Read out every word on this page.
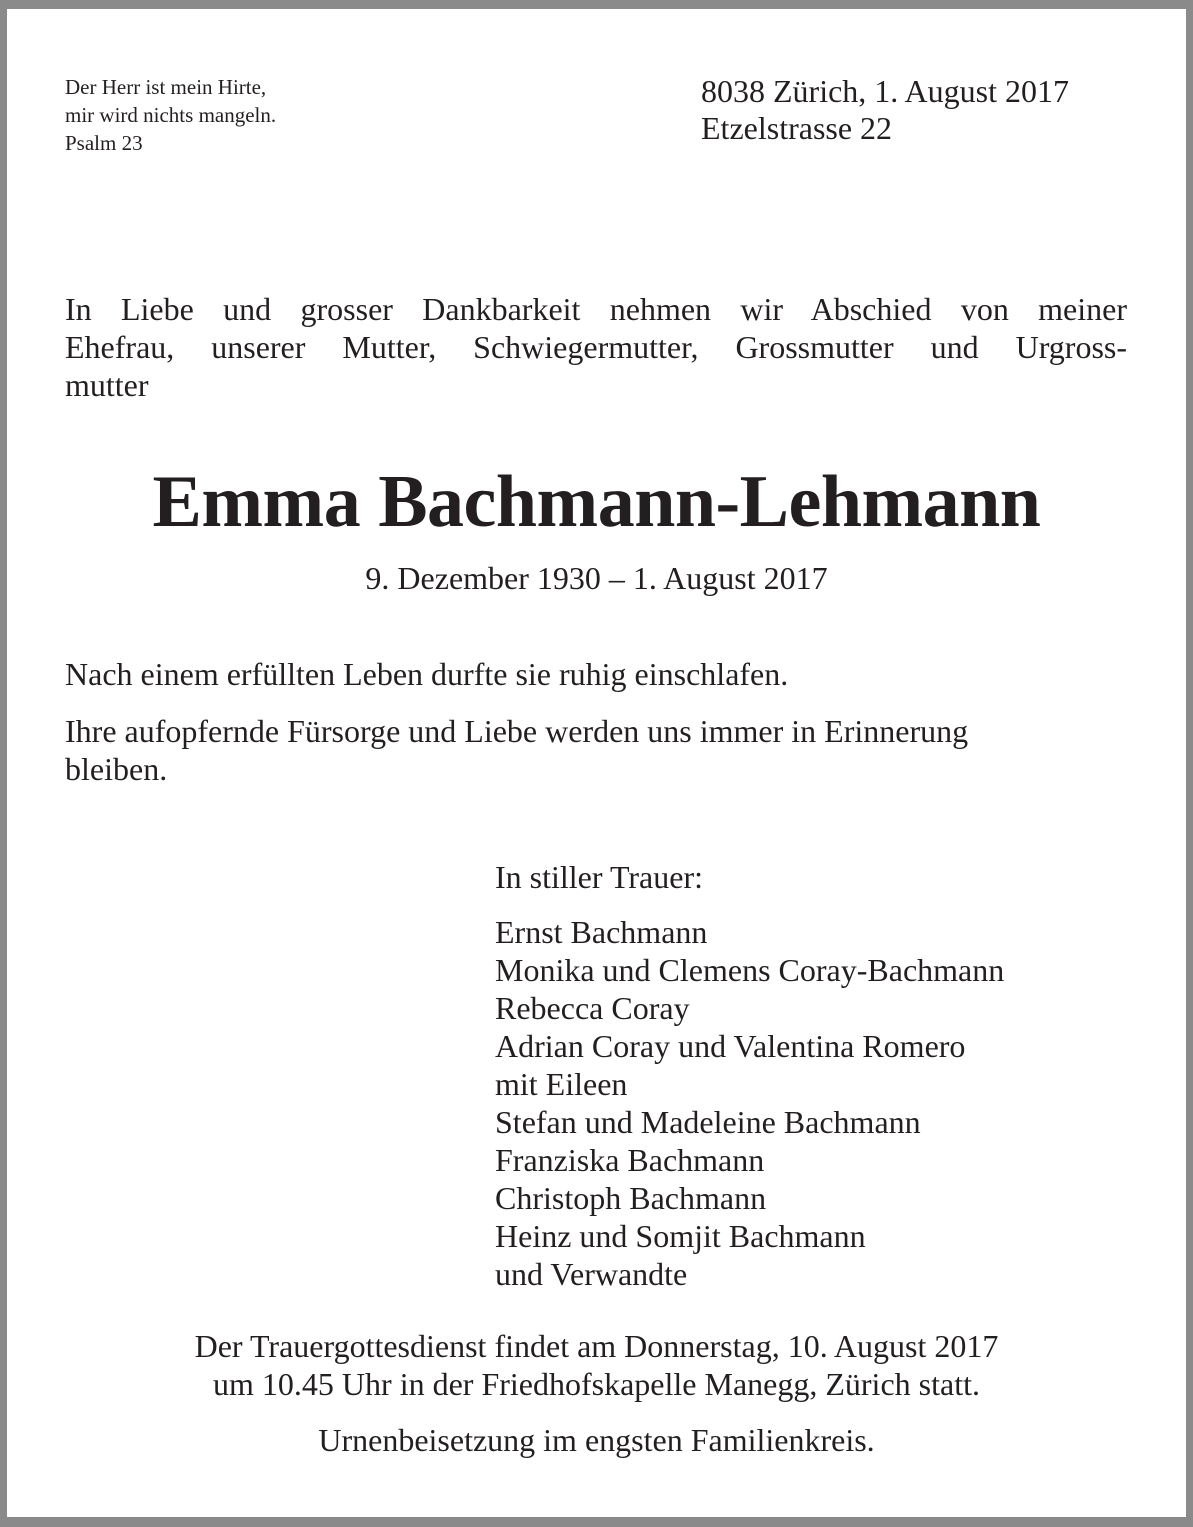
Der Herr ist mein Hirte,
mir wird nichts mangeln.
Psalm 23
8038 Zürich, 1. August 2017
Etzelstrasse 22
In Liebe und grosser Dankbarkeit nehmen wir Abschied von meiner
Ehefrau, unserer Mutter, Schwiegermutter, Grossmutter und Urgross-
mutter
Emma Bachmann-Lehmann
9. Dezember 1930 – 1. August 2017
Nach einem erfüllten Leben durfte sie ruhig einschlafen.
Ihre aufopfernde Fürsorge und Liebe werden uns immer in Erinnerung
bleiben.
In stiller Trauer:
Ernst Bachmann
Monika und Clemens Coray-Bachmann
Rebecca Coray
Adrian Coray und Valentina Romero
mit Eileen
Stefan und Madeleine Bachmann
Franziska Bachmann
Christoph Bachmann
Heinz und Somjit Bachmann
und Verwandte
Der Trauergottesdienst findet am Donnerstag, 10. August 2017
um 10.45 Uhr in der Friedhofskapelle Manegg, Zürich statt.
Urnenbeisetzung im engsten Familienkreis.
